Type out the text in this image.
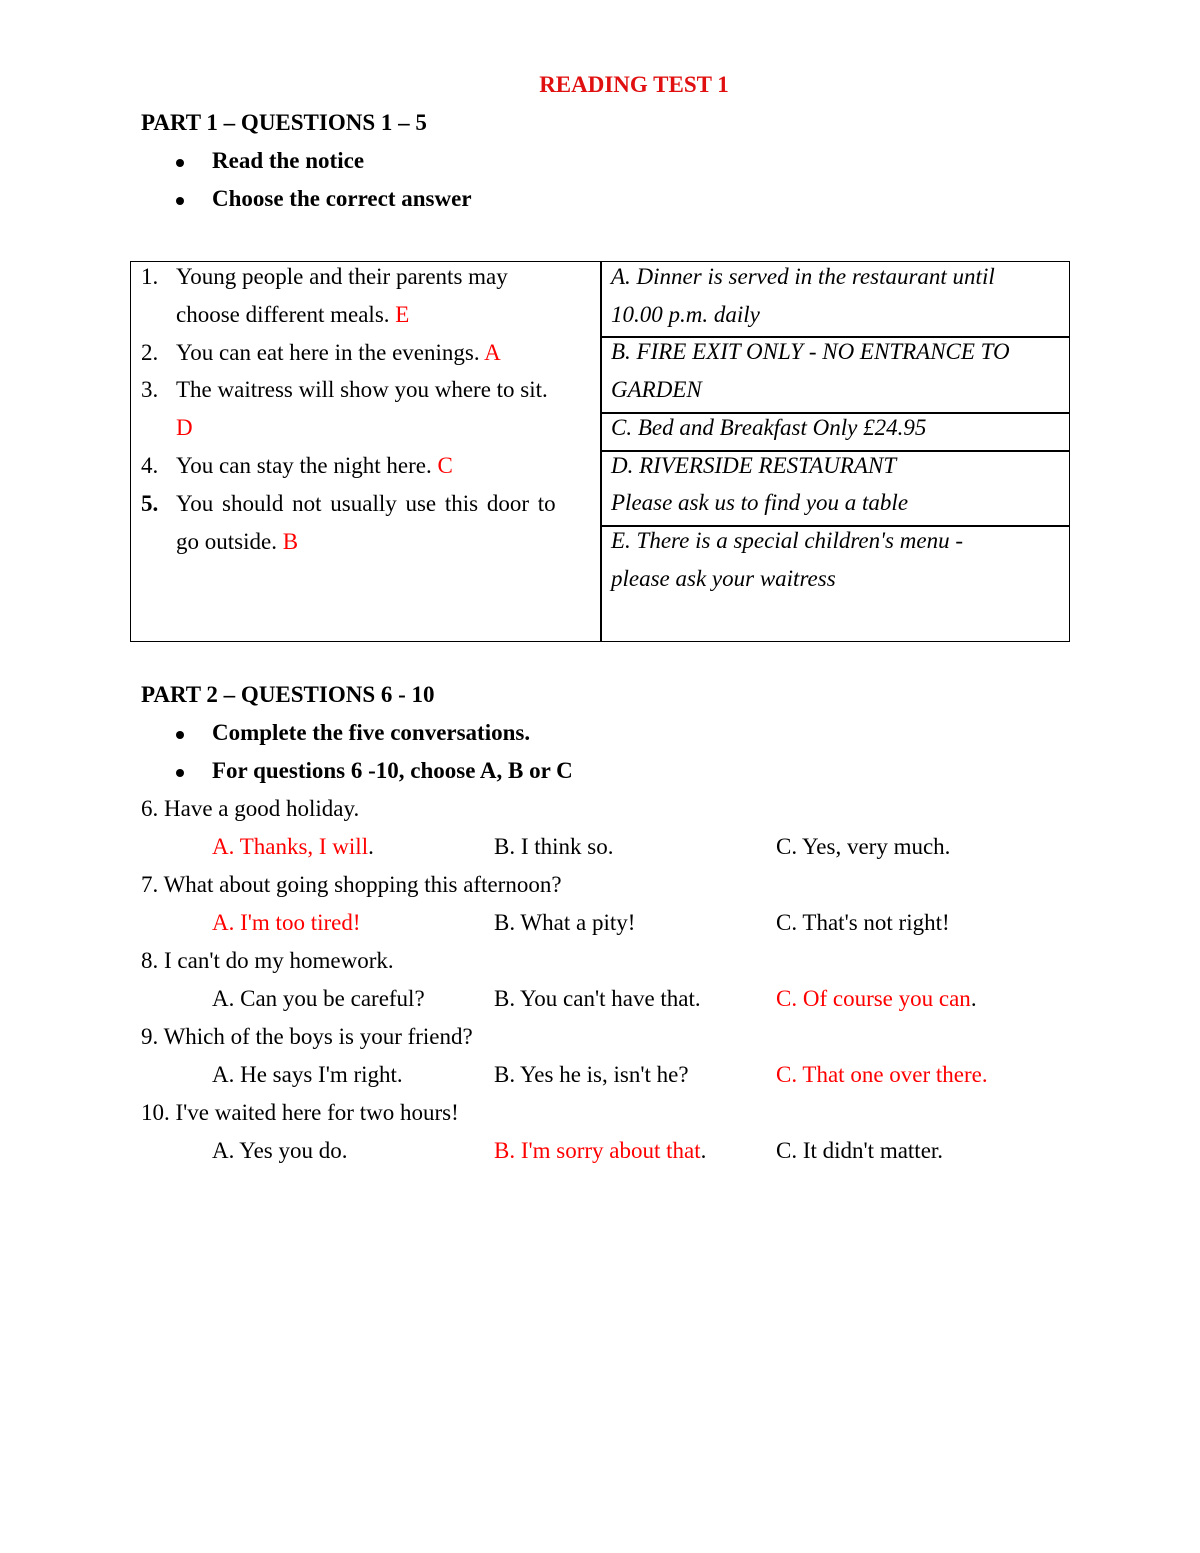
READING TEST 1
PART 1 – QUESTIONS 1 – 5
Read the notice
Choose the correct answer
1. Young people and their parents may
choose different meals. E
2. You can eat here in the evenings. A
3. The waitress will show you where to sit.
D
4. You can stay the night here. C
5. You should not usually use this door to
go outside. B
A. Dinner is served in the restaurant until
10.00 p.m. daily
B. FIRE EXIT ONLY - NO ENTRANCE TO
GARDEN
C. Bed and Breakfast Only £24.95
D. RIVERSIDE RESTAURANT
Please ask us to find you a table
E. There is a special children's menu -
please ask your waitress
PART 2 – QUESTIONS 6 - 10
Complete the five conversations.
For questions 6 -10, choose A, B or C
6. Have a good holiday.
A. Thanks, I will.	B. I think so.	C. Yes, very much.
7. What about going shopping this afternoon?
A. I'm too tired!	B. What a pity!	C. That's not right!
8. I can't do my homework.
A. Can you be careful?	B. You can't have that.	C. Of course you can.
9. Which of the boys is your friend?
A. He says I'm right.	B. Yes he is, isn't he?	C. That one over there.
10. I've waited here for two hours!
A. Yes you do.	B. I'm sorry about that.	C. It didn't matter.
